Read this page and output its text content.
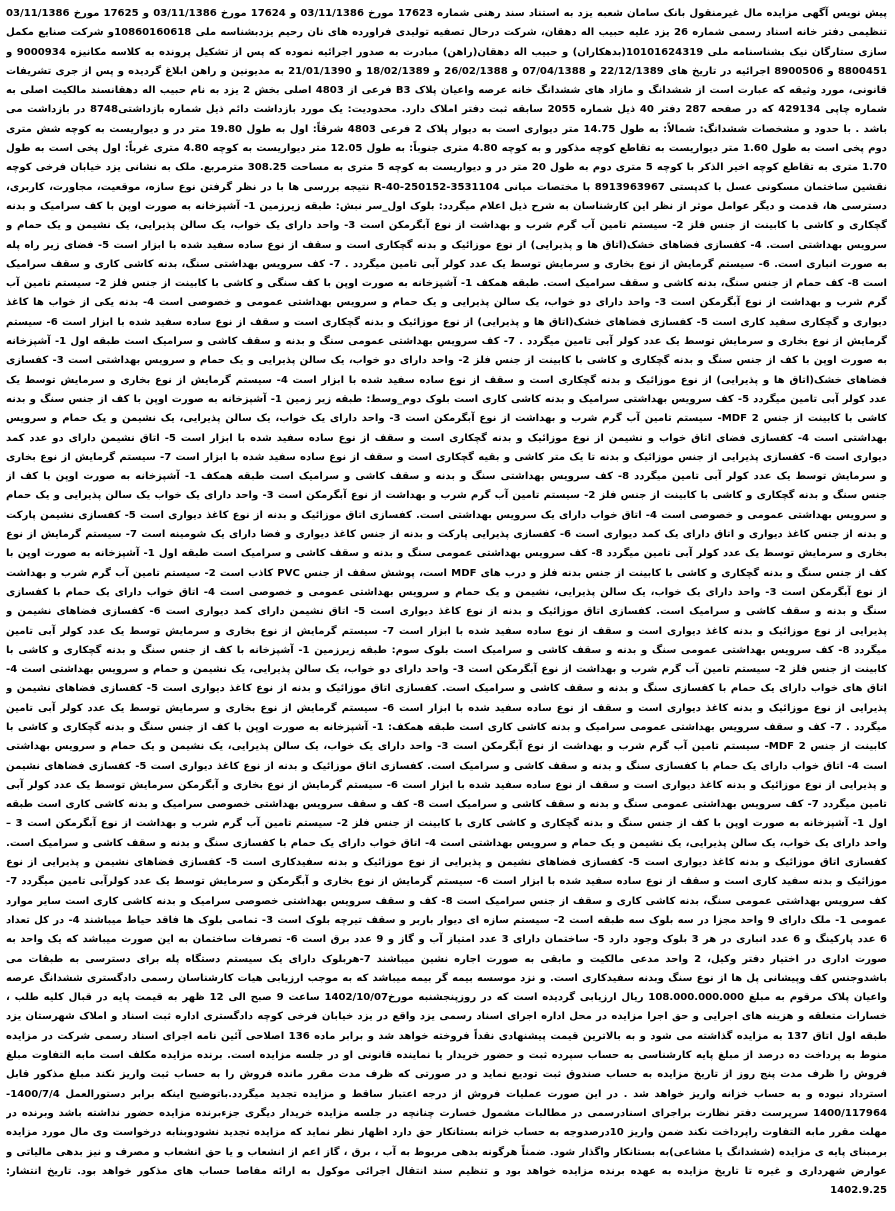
پیش نویس آگهی مزایده مال غیرمنقول بانک سامان شعبه یزد به استناد سند رهنی شماره 17623 مورخ 03/11/1386 و 17624 مورخ 03/11/1386 و 17625 مورخ 03/11/1386 تنظیمی دفتر خانه اسناد رسمی شماره 26 یزد علیه حبیب اله دهقان، شرکت درحال تصفیه تولیدی فراورده های نان رحیم یزدبشناسه ملی 10860160618و شرکت صنایع مکمل سازی ستارگان نیک بشناسنامه ملی 10101624319(بدهکاران) و حبیب اله دهقان(راهن) مبادرت به صدور اجرائیه نموده که پس از تشکیل پرونده به کلاسه مکانیزه 9000934 و 8800451 و 8900506 اجرائیه در تاریخ های 22/12/1389 و 07/04/1388 و 26/02/1388 و 18/02/1389 و 21/01/1390 به مدیونین و راهن ابلاغ گردیده و پس از جری تشریفات قانونی، مورد وثیقه که عبارت است از ششدانگ و مازاد های ششدانگ خانه عرصه واعیان پلاک B3 فرعی از 4803 اصلی بخش 2 یزد به نام حبیب اله دهقانسند مالکیت اصلی به شماره چاپی 429134 که در صفحه 287 دفتر 40 ذیل شماره 2055 سابقه ثبت دفتر املاک دارد. محدودیت: یک مورد بازداشت دائم ذیل شماره بازداشتی8748 در بازداشت می باشد . با حدود و مشخصات ششدانگ: شمالاً: به طول 14.75 متر دیواری است به دیوار پلاک 2 فرعی 4803 شرقاً: اول به طول 19.80 متر در و دیواریست به کوچه شش متری دوم پخی است به طول 1.60 متر دیواریست به تقاطع کوچه مذکور و به کوچه 4.80 متری جنوباً: به طول 12.05 متر دیواریست به کوچه 4.80 متری غرباً: اول پخی است به طول 1.70 متری به تقاطع کوچه اخیر الذکر با کوچه 5 متری دوم به طول 20 متر در و دیواریست به کوچه 5 متری به مساحت 308.25 مترمربع. ملک به نشانی یزد خیابان فرخی کوچه نقشین ساختمان مسکونی عسل با کدپستی 8913963967 با مختصات میانی 3531104-250152-R-40 نتیجه بررسی ها با در نظر گرفتن نوع سازه، موقعیت، مجاورت، کاربری، دسترسی ها، قدمت و دیگر عوامل موثر از نظر این کارشناسان به شرح ذیل اعلام میگردد: بلوک اول_سر نبش: طبقه زیرزمین 1- آشپزخانه به صورت اوپن با کف سرامیک و بدنه گچکاری و کاشی با کابینت از جنس فلز 2- سیستم تامین آب گرم شرب و بهداشت از نوع آبگرمکن است 3- واحد دارای یک خواب، یک سالن پذیرایی، یک نشیمن و یک حمام و سرویس بهداشتی است. 4- کفسازی فضاهای خشک(اتاق ها و پذیرایی) از نوع موزائیک و بدنه گچکاری است و سقف از نوع ساده سفید شده با ابزار است 5- فضای زیر راه پله به صورت انباری است. 6- سیستم گرمایش از نوع بخاری و سرمایش توسط یک عدد کولر آبی تامین میگردد . 7- کف سرویس بهداشتی سنگ، بدنه کاشی کاری و سقف سرامیک است 8- کف حمام از جنس سنگ، بدنه کاشی و سقف سرامیک است. طبقه همکف 1- آشپزخانه به صورت اوپن با کف سنگی و کاشی با کابینت از جنس فلز 2- سیستم تامین آب گرم شرب و بهداشت از نوع آبگرمکن است 3- واحد دارای دو خواب، یک سالن پذیرایی و یک حمام و سرویس بهداشتی عمومی و خصوصی است 4- بدنه یکی از خواب ها کاغذ دیواری و گچکاری سفید کاری است 5- کفسازی فضاهای خشک(اتاق ها و پذیرایی) از نوع موزائیک و بدنه گچکاری است و سقف از نوع ساده سفید شده با ابزار است 6- سیستم گرمایش از نوع بخاری و سرمایش توسط یک عدد کولر آبی تامین میگردد . 7- کف سرویس بهداشتی عمومی سنگ و بدنه و سقف کاشی و سرامیک است طبقه اول 1- آشپزخانه به صورت اوپن با کف از جنس سنگ و بدنه گچکاری و کاشی با کابینت از جنس فلز 2- واحد دارای دو خواب، یک سالن پذیرایی و یک حمام و سرویس بهداشتی است 3- کفسازی فضاهای خشک(اتاق ها و پذیرایی) از نوع موزائیک و بدنه گچکاری است و سقف از نوع ساده سفید شده با ابزار است 4- سیستم گرمایش از نوع بخاری و سرمایش توسط یک عدد کولر آبی تامین میگردد 5- کف سرویس بهداشتی سرامیک و بدنه کاشی کاری است بلوک دوم_وسط: طبقه زیر زمین 1- آشپزخانه به صورت اوپن با کف از جنس سنگ و بدنه کاشی با کابینت از جنس MDF 2- سیستم تامین آب گرم شرب و بهداشت از نوع آبگرمکن است 3- واحد دارای یک خواب، یک سالن پذیرایی، یک نشیمن و یک حمام و سرویس بهداشتی است 4- کفسازی فضای اتاق خواب و نشیمن از نوع موزائیک و بدنه گچکاری است و سقف از نوع ساده سفید شده با ابزار است 5- اتاق نشیمن دارای دو عدد کمد دیواری است 6- کفسازی پذیرایی از جنس موزائیک و بدنه تا یک متر کاشی و بقیه گچکاری است و سقف از نوع ساده سفید شده با ابزار است 7- سیستم گرمایش از نوع بخاری و سرمایش توسط یک عدد کولر آبی تامین میگردد 8- کف سرویس بهداشتی سنگ و بدنه و سقف کاشی و سرامیک است طبقه همکف 1- آشپزخانه به صورت اوپن با کف از جنس سنگ و بدنه گچکاری و کاشی با کابینت از جنس فلز 2- سیستم تامین آب گرم شرب و بهداشت از نوع آبگرمکن است 3- واحد دارای یک خواب یک سالن پذیرایی و یک حمام و سرویس بهداشتی عمومی و خصوصی است 4- اتاق خواب دارای یک سرویس بهداشتی است. کفسازی اتاق موزائیک و بدنه از نوع کاغذ دیواری است 5- کفسازی نشیمن پارکت و بدنه از جنس کاغذ دیواری و اتاق دارای یک کمد دیواری است 6- کفسازی پذیرایی پارکت و بدنه از جنس کاغذ دیواری و فضا دارای یک شومینه است 7- سیستم گرمایش از نوع بخاری و سرمایش توسط یک عدد کولر آبی تامین میگردد 8- کف سرویس بهداشتی عمومی سنگ و بدنه و سقف کاشی و سرامیک است طبقه اول 1- آشپزخانه به صورت اوپن با کف از جنس سنگ و بدنه گچکاری و کاشی با کابینت از جنس بدنه فلز و درب های MDF است، پوشش سقف از جنس PVC کاذب است 2- سیستم تامین آب گرم شرب و بهداشت از نوع آبگرمکن است 3- واحد دارای یک خواب، یک سالن پذیرایی، نشیمن و یک حمام و سرویس بهداشتی عمومی و خصوصی است 4- اتاق خواب دارای یک حمام با کفسازی سنگ و بدنه و سقف کاشی و سرامیک است. کفسازی اتاق موزائیک و بدنه از نوع کاغذ دیواری است 5- اتاق نشیمن دارای کمد دیواری است 6- کفسازی فضاهای نشیمن و پذیرایی از نوع موزائیک و بدنه کاغذ دیواری است و سقف از نوع ساده سفید شده با ابزار است 7- سیستم گرمایش از نوع بخاری و سرمایش توسط یک عدد کولر آبی تامین میگردد 8- کف سرویس بهداشتی عمومی سنگ و بدنه و سقف کاشی و سرامیک است بلوک سوم: طبقه زیرزمین 1- آشپزخانه با کف از جنس سنگ و بدنه گچکاری و کاشی با کابینت از جنس فلز 2- سیستم تامین آب گرم شرب و بهداشت از نوع آبگرمکن است 3- واحد دارای دو خواب، یک سالن پذیرایی، یک نشیمن و حمام و سرویس بهداشتی است 4- اتاق های خواب دارای یک حمام با کفسازی سنگ و بدنه و سقف کاشی و سرامیک است. کفسازی اتاق موزائیک و بدنه از نوع کاغذ دیواری است 5- کفسازی فضاهای نشیمن و پذیرایی از نوع موزائیک و بدنه کاغذ دیواری است و سقف از نوع ساده سفید شده با ابزار است 6- سیستم گرمایش از نوع بخاری و سرمایش توسط یک عدد کولر آبی تامین میگردد . 7- کف و سقف سرویس بهداشتی عمومی سرامیک و بدنه کاشی کاری است طبقه همکف: 1- آشپزخانه به صورت اوپن با کف از جنس سنگ و بدنه گچکاری و کاشی با کابینت از جنس MDF 2- سیستم تامین آب گرم شرب و بهداشت از نوع آبگرمکن است 3- واحد دارای یک خواب، یک سالن پذیرایی، یک نشیمن و یک حمام و سرویس بهداشتی است 4- اتاق خواب دارای یک حمام با کفسازی سنگ و بدنه و سقف کاشی و سرامیک است. کفسازی اتاق موزائیک و بدنه از نوع کاغذ دیواری است 5- کفسازی فضاهای نشیمن و پذیرایی از نوع موزائیک و بدنه کاغذ دیواری است و سقف از نوع ساده سفید شده با ابزار است 6- سیستم گرمایش از نوع بخاری و آبگرمکن سرمایش توسط یک عدد کولر آبی تامین میگردد 7- کف سرویس بهداشتی عمومی سنگ و بدنه و سقف کاشی و سرامیک است 8- کف و سقف سرویس بهداشتی خصوصی سرامیک و بدنه کاشی کاری است طبقه اول 1- آشپزخانه به صورت اوپن با کف از جنس سنگ و بدنه گچکاری و کاشی کاری با کابینت از جنس فلز 2- سیستم تامین آب گرم شرب و بهداشت از نوع آبگرمکن است 3 – واحد دارای یک خواب، یک سالن پذیرایی، یک نشیمن و یک حمام و سرویس بهداشتی است 4- اتاق خواب دارای یک حمام با کفسازی سنگ و بدنه و سقف کاشی و سرامیک است. کفسازی اتاق موزائیک و بدنه کاغذ دیواری است 5- کفسازی فضاهای نشیمن و پذیرایی از نوع موزائیک و بدنه سفیدکاری است 5- کفسازی فضاهای نشیمن و پذیرایی از نوع موزائیک و بدنه سفید کاری است و سقف از نوع ساده سفید شده با ابزار است 6- سیستم گرمایش از نوع بخاری و آبگرمکن و سرمایش توسط یک عدد کولرآبی تامین میگردد 7- کف سرویس بهداشتی عمومی سنگ، بدنه کاشی کاری و سقف از جنس سرامیک است 8- کف و سقف سرویس بهداشتی خصوصی سرامیک و بدنه کاشی کاری است سایر موارد عمومی 1- ملک دارای 9 واحد مجزا در سه بلوک سه طبقه است 2- سیستم سازه ای دیوار باربر و سقف تیرچه بلوک است 3- تمامی بلوک ها فاقد حیاط میباشند 4- در کل تعداد 6 عدد پارکینگ و 6 عدد انباری در هر 3 بلوک وجود دارد 5- ساختمان دارای 3 عدد امتیاز آب و گاز و 9 عدد برق است 6- تصرفات ساختمان به این صورت میباشد که یک واحد به صورت اداری در اختیار دفتر وکیل، 2 واحد مدعی مالکیت و مابقی به صورت اجاره نشین میباشند 7-هربلوک دارای یک سیستم دستگاه پله برای دسترسی به طبقات می باشدوجنس کف وپیشانی پل ها از نوع سنگ وبدنه سفیدکاری است. و نزد موسسه بیمه گر بیمه میباشد که به موجب ارزیابی هیات کارشناسان رسمی دادگستری ششدانگ عرصه واعیان پلاک مرقوم به مبلغ 108.000.000.000 ریال ارزیابی گردیده است که در روزپنجشنبه مورخ1402/10/07 ساعت 9 صبح الی 12 ظهر به قیمت پایه در قبال کلیه طلب ، خسارات متعلقه و هزینه های اجرایی و حق اجرا مزایده در محل اداره اجرای اسناد رسمی یزد واقع در یزد خیابان فرخی کوچه دادگستری اداره ثبت اسناد و املاک شهرستان یزد طبقه اول اتاق 137 به مزایده گذاشته می شود و به بالاترین قیمت پیشنهادی نقداً فروخته خواهد شد و برابر ماده 136 اصلاحی آئین نامه اجرای اسناد رسمی شرکت در مزایده منوط به پرداخت ده درصد از مبلغ پایه کارشناسی به حساب سپرده ثبت و حضور خریدار یا نماینده قانونی او در جلسه مزایده است. برنده مزایده مکلف است مابه التفاوت مبلغ فروش را ظرف مدت پنج روز از تاریخ مزایده به حساب صندوق ثبت تودیع نماید و در صورتی که ظرف مدت مقرر مانده فروش را به حساب ثبت واریز نکند مبلغ مذکور قابل استرداد نبوده و به حساب خزانه واریز خواهد شد . در این صورت عملیات فروش از درجه اعتبار ساقط و مزایده تجدید میگردد.باتوضیح اینکه برابر دستورالعمل 1400/7/4-1400/117964 سرپرست دفتر نظارت براجرای اسنادرسمی در مطالبات مشمول خسارت چنانچه در جلسه مزایده خریدار دیگری جزءبرنده مزایده حضور نداشته باشد وبرنده در مهلت مقرر مابه التفاوت راپرداخت نکند ضمن واریز 10درصدوجه به حساب خزانه بستانکار حق دارد اظهار نظر نماید که مزایده تجدید نشودوبنابه درخواست وی مال مورد مزایده برمبنای پایه ی مزایده (ششدانگ یا مشاعی)به بستانکار واگذار شود. ضمناً هرگونه بدهی مربوط به آب ، برق ، گاز اعم از انشعاب و یا حق انشعاب و مصرف و نیز بدهی مالیاتی و عوارض شهرداری و غیره تا تاریخ مزایده به عهده برنده مزایده خواهد بود و تنظیم سند انتقال اجرائی موکول به ارائه مفاصا حساب های مذکور خواهد بود. تاریخ انتشار: 1402.9.25
